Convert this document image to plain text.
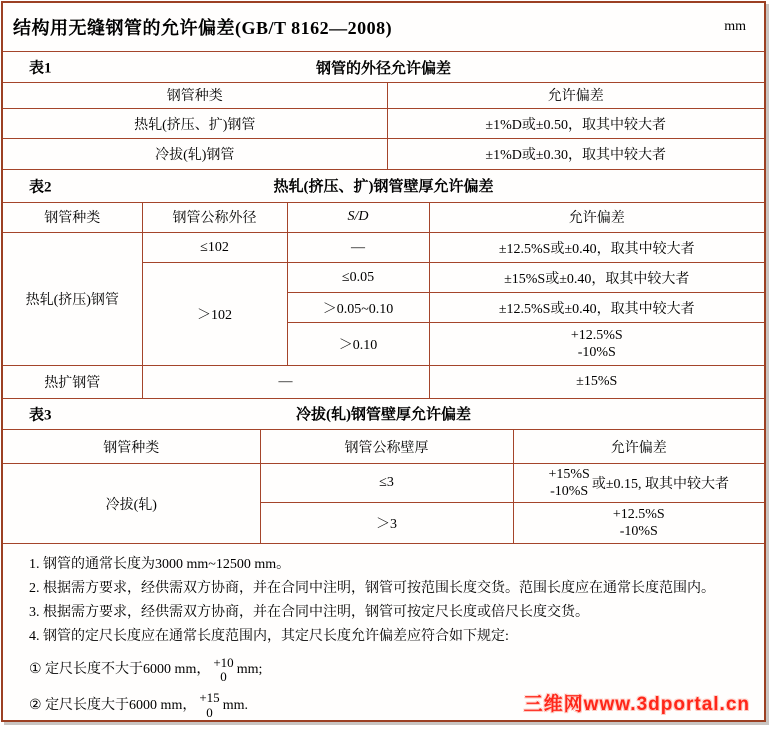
结构用无缝钢管的允许偏差(GB/T 8162—2008)	mm
表1	钢管的外径允许偏差
钢管种类	允许偏差
热轧(挤压、扩)钢管	±1%D或±0.50，取其中较大者
冷拔(轧)钢管	±1%D或±0.30，取其中较大者
表2	热轧(挤压、扩)钢管壁厚允许偏差
钢管种类	钢管公称外径	S/D	允许偏差
热轧(挤压)钢管	≤102	—	±12.5%S或±0.40，取其中较大者
	＞102	≤0.05	±15%S或±0.40，取其中较大者
		＞0.05~0.10	±12.5%S或±0.40，取其中较大者
		＞0.10	+12.5%S
-10%S

热扩钢管	—		±15%S
表3	冷拔(轧)钢管壁厚允许偏差
钢管种类	钢管公称壁厚	允许偏差
冷拔(轧)	≤3	+15%S
-10%S 或±0.15, 取其中较大者

	＞3	+12.5%S
-10%S
1. 钢管的通常长度为3000 mm~12500 mm。
2. 根据需方要求，经供需双方协商，并在合同中注明，钢管可按范围长度交货。范围长度应在通常长度范围内。
3. 根据需方要求，经供需双方协商，并在合同中注明，钢管可按定尺长度或倍尺长度交货。
4. 钢管的定尺长度应在通常长度范围内，其定尺长度允许偏差应符合如下规定:
①
定尺长度不大于6000 mm， +10
0 mm;
②
定尺长度大于6000 mm， +15
0 mm.	三维网www.3dportal.cn
